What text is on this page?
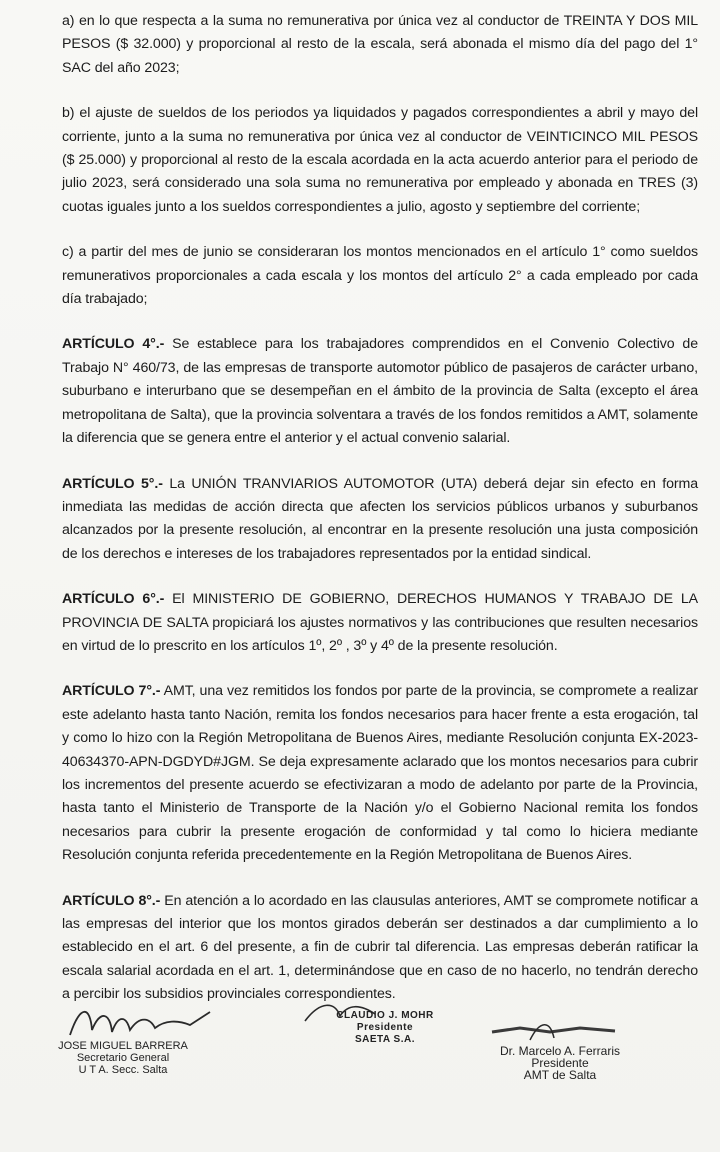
a) en lo que respecta a la suma no remunerativa por única vez al conductor de TREINTA Y DOS MIL PESOS ($ 32.000) y proporcional al resto de la escala, será abonada el mismo día del pago del 1° SAC del año 2023;

b) el ajuste de sueldos de los periodos ya liquidados y pagados correspondientes a abril y mayo del corriente, junto a la suma no remunerativa por única vez al conductor de VEINTICINCO MIL PESOS ($ 25.000) y proporcional al resto de la escala acordada en la acta acuerdo anterior para el periodo de julio 2023, será considerado una sola suma no remunerativa por empleado y abonada en TRES (3) cuotas iguales junto a los sueldos correspondientes a julio, agosto y septiembre del corriente;

c) a partir del mes de junio se consideraran los montos mencionados en el artículo 1° como sueldos remunerativos proporcionales a cada escala y los montos del artículo 2° a cada empleado por cada día trabajado;

ARTÍCULO 4°.- Se establece para los trabajadores comprendidos en el Convenio Colectivo de Trabajo N° 460/73, de las empresas de transporte automotor público de pasajeros de carácter urbano, suburbano e interurbano que se desempeñan en el ámbito de la provincia de Salta (excepto el área metropolitana de Salta), que la provincia solventara a través de los fondos remitidos a AMT, solamente la diferencia que se genera entre el anterior y el actual convenio salarial.

ARTÍCULO 5°.- La UNIÓN TRANVIARIOS AUTOMOTOR (UTA) deberá dejar sin efecto en forma inmediata las medidas de acción directa que afecten los servicios públicos urbanos y suburbanos alcanzados por la presente resolución, al encontrar en la presente resolución una justa composición de los derechos e intereses de los trabajadores representados por la entidad sindical.

ARTÍCULO 6°.- El MINISTERIO DE GOBIERNO, DERECHOS HUMANOS Y TRABAJO DE LA PROVINCIA DE SALTA propiciará los ajustes normativos y las contribuciones que resulten necesarios en virtud de lo prescrito en los artículos 1º, 2º , 3º y 4º de la presente resolución.

ARTÍCULO 7°.- AMT, una vez remitidos los fondos por parte de la provincia, se compromete a realizar este adelanto hasta tanto Nación, remita los fondos necesarios para hacer frente a esta erogación, tal y como lo hizo con la Región Metropolitana de Buenos Aires, mediante Resolución conjunta EX-2023-40634370-APN-DGDYD#JGM. Se deja expresamente aclarado que los montos necesarios para cubrir los incrementos del presente acuerdo se efectivizaran a modo de adelanto por parte de la Provincia, hasta tanto el Ministerio de Transporte de la Nación y/o el Gobierno Nacional remita los fondos necesarios para cubrir la presente erogación de conformidad y tal como lo hiciera mediante Resolución conjunta referida precedentemente en la Región Metropolitana de Buenos Aires.

ARTÍCULO 8°.- En atención a lo acordado en las clausulas anteriores, AMT se compromete notificar a las empresas del interior que los montos girados deberán ser destinados a dar cumplimiento a lo establecido en el art. 6 del presente, a fin de cubrir tal diferencia. Las empresas deberán ratificar la escala salarial acordada en el art. 1, determinándose que en caso de no hacerlo, no tendrán derecho a percibir los subsidios provinciales correspondientes.

JOSE MIGUEL BARRERA
Secretario General
U T A. Secc. Salta
CLAUDIO J. MOHR
Presidente
SAETA S.A.
Dr. Marcelo A. Ferraris
Presidente
AMT de Salta
